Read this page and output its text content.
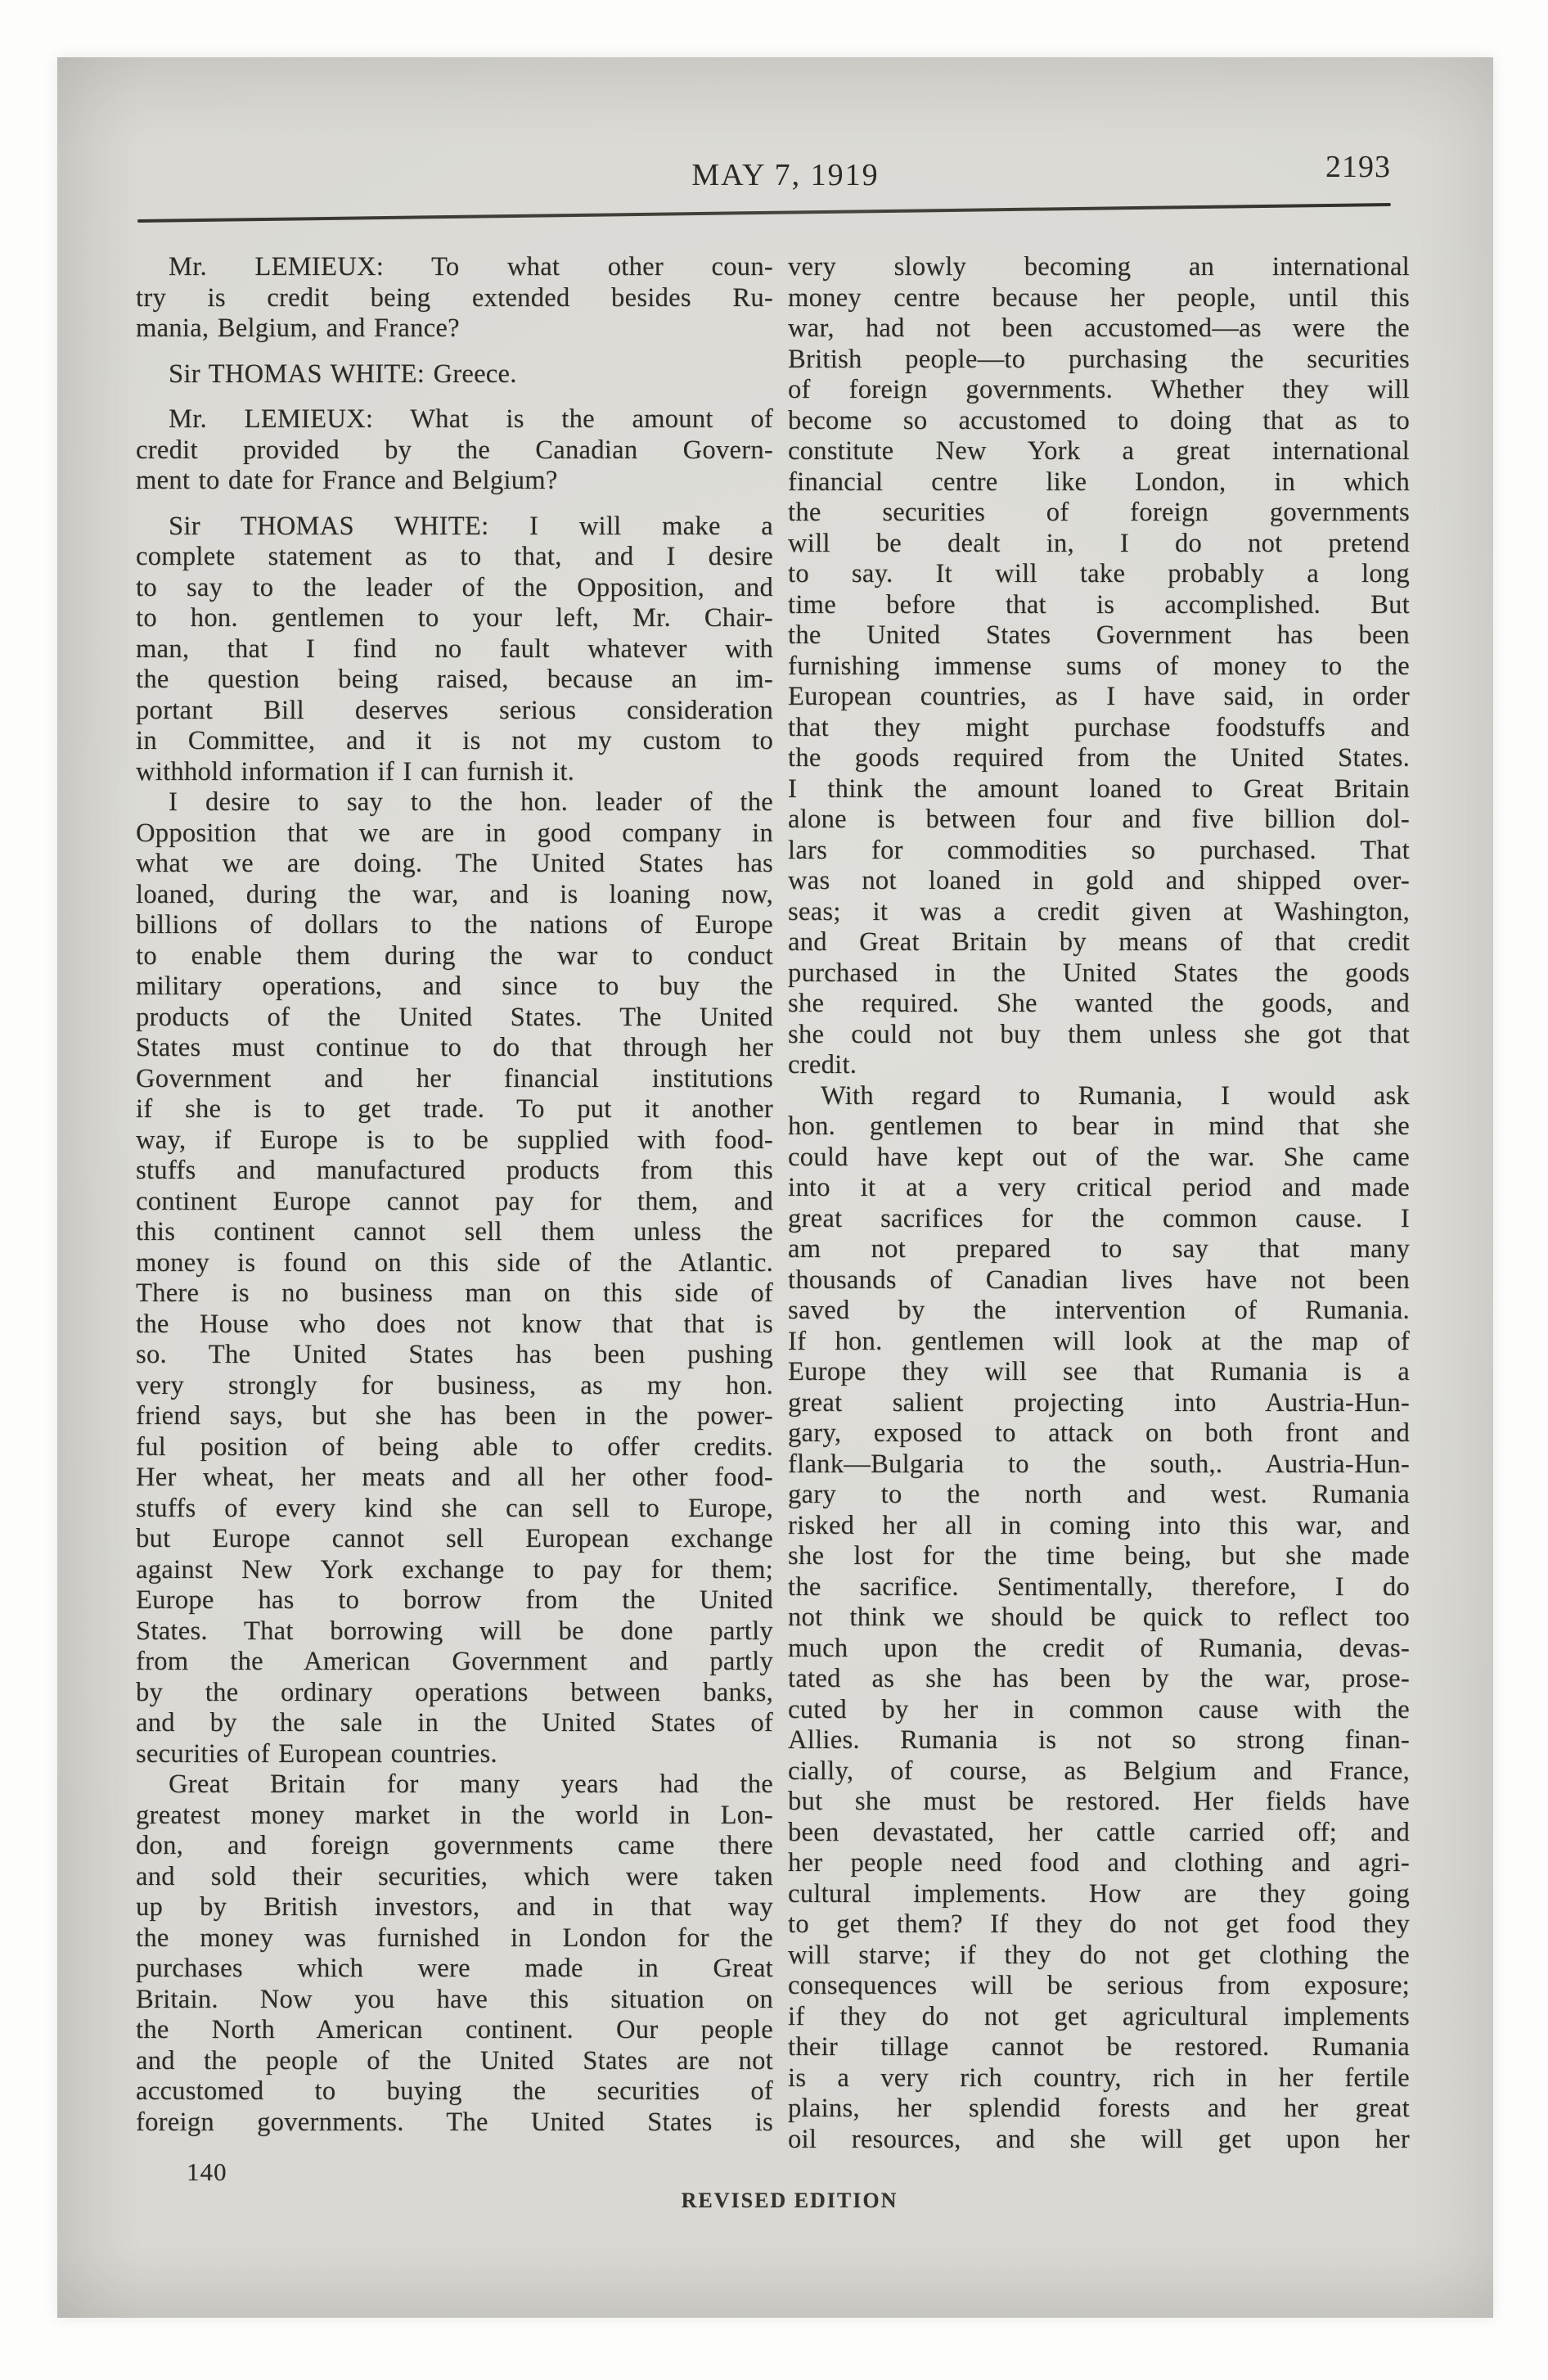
MAY 7, 1919	2193
Mr. LEMIEUX: To what other coun-
try is credit being extended besides Ru-
mania, Belgium, and France?
Sir THOMAS WHITE: Greece.
Mr. LEMIEUX: What is the amount of
credit provided by the Canadian Govern-
ment to date for France and Belgium?
Sir THOMAS WHITE: I will make a
complete statement as to that, and I desire
to say to the leader of the Opposition, and
to hon. gentlemen to your left, Mr. Chair-
man, that I find no fault whatever with
the question being raised, because an im-
portant Bill deserves serious consideration
in Committee, and it is not my custom to
withhold information if I can furnish it.
I desire to say to the hon. leader of the
Opposition that we are in good company in
what we are doing. The United States has
loaned, during the war, and is loaning now,
billions of dollars to the nations of Europe
to enable them during the war to conduct
military operations, and since to buy the
products of the United States. The United
States must continue to do that through her
Government and her financial institutions
if she is to get trade. To put it another
way, if Europe is to be supplied with food-
stuffs and manufactured products from this
continent Europe cannot pay for them, and
this continent cannot sell them unless the
money is found on this side of the Atlantic.
There is no business man on this side of
the House who does not know that that is
so. The United States has been pushing
very strongly for business, as my hon.
friend says, but she has been in the power-
ful position of being able to offer credits.
Her wheat, her meats and all her other food-
stuffs of every kind she can sell to Europe,
but Europe cannot sell European exchange
against New York exchange to pay for them;
Europe has to borrow from the United
States. That borrowing will be done partly
from the American Government and partly
by the ordinary operations between banks,
and by the sale in the United States of
securities of European countries.
Great Britain for many years had the
greatest money market in the world in Lon-
don, and foreign governments came there
and sold their securities, which were taken
up by British investors, and in that way
the money was furnished in London for the
purchases which were made in Great
Britain. Now you have this situation on
the North American continent. Our people
and the people of the United States are not
accustomed to buying the securities of
foreign governments. The United States is
very slowly becoming an international
money centre because her people, until this
war, had not been accustomed—as were the
British people—to purchasing the securities
of foreign governments. Whether they will
become so accustomed to doing that as to
constitute New York a great international
financial centre like London, in which
the securities of foreign governments
will be dealt in, I do not pretend
to say. It will take probably a long
time before that is accomplished. But
the United States Government has been
furnishing immense sums of money to the
European countries, as I have said, in order
that they might purchase foodstuffs and
the goods required from the United States.
I think the amount loaned to Great Britain
alone is between four and five billion dol-
lars for commodities so purchased. That
was not loaned in gold and shipped over-
seas; it was a credit given at Washington,
and Great Britain by means of that credit
purchased in the United States the goods
she required. She wanted the goods, and
she could not buy them unless she got that
credit.
With regard to Rumania, I would ask
hon. gentlemen to bear in mind that she
could have kept out of the war. She came
into it at a very critical period and made
great sacrifices for the common cause. I
am not prepared to say that many
thousands of Canadian lives have not been
saved by the intervention of Rumania.
If hon. gentlemen will look at the map of
Europe they will see that Rumania is a
great salient projecting into Austria-Hun-
gary, exposed to attack on both front and
flank—Bulgaria to the south,. Austria-Hun-
gary to the north and west. Rumania
risked her all in coming into this war, and
she lost for the time being, but she made
the sacrifice. Sentimentally, therefore, I do
not think we should be quick to reflect too
much upon the credit of Rumania, devas-
tated as she has been by the war, prose-
cuted by her in common cause with the
Allies. Rumania is not so strong finan-
cially, of course, as Belgium and France,
but she must be restored. Her fields have
been devastated, her cattle carried off; and
her people need food and clothing and agri-
cultural implements. How are they going
to get them? If they do not get food they
will starve; if they do not get clothing the
consequences will be serious from exposure;
if they do not get agricultural implements
their tillage cannot be restored. Rumania
is a very rich country, rich in her fertile
plains, her splendid forests and her great
oil resources, and she will get upon her
140
REVISED EDITION
